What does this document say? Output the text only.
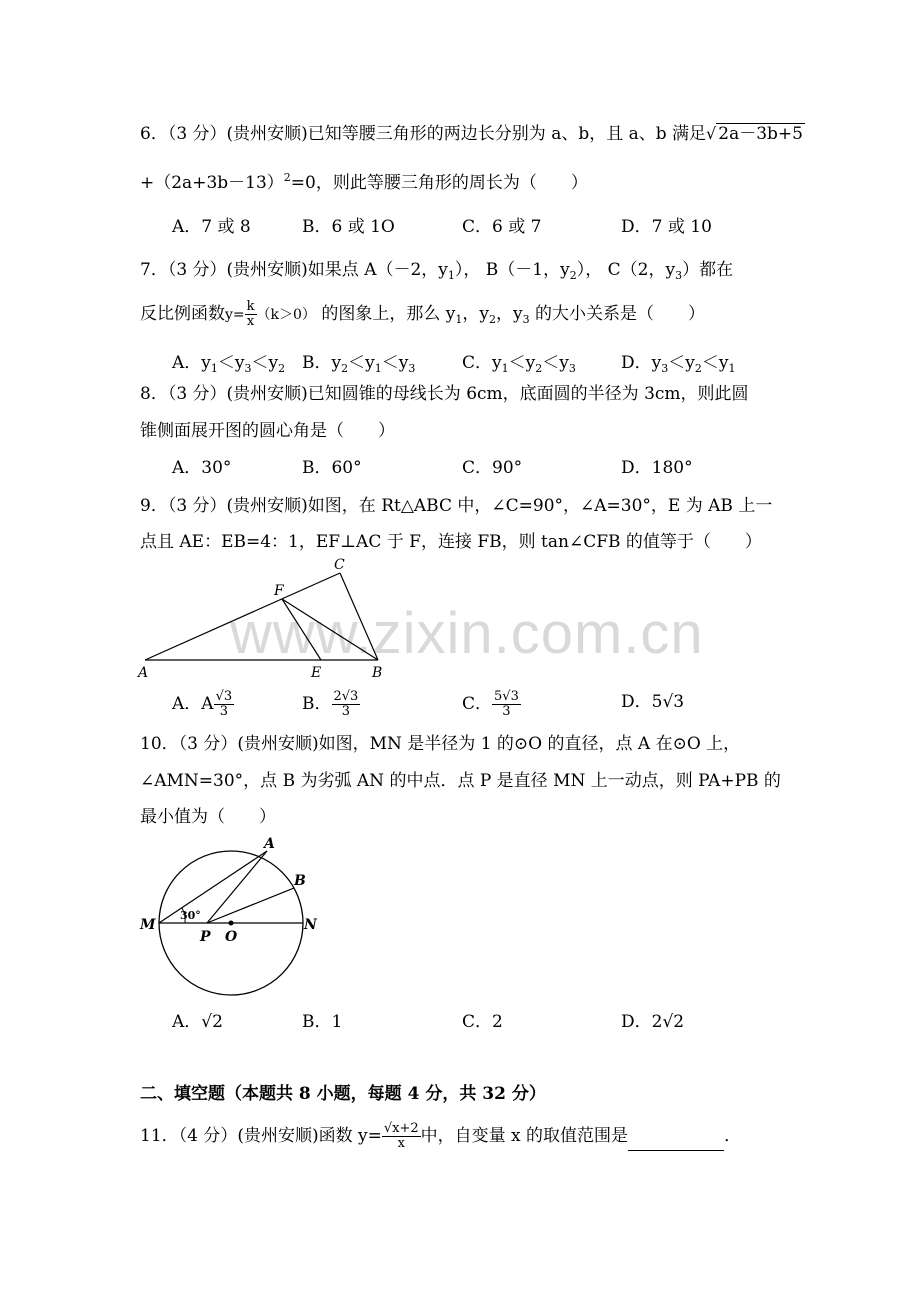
www.zixin.com.cn
6．（3 分）(贵州安顺)已知等腰三角形的两边长分别为 a、b，且 a、b 满足√ 2a－3b+5
$+(2a+3b-13)^2=0$，则此等腰三角形的周长为（　　）
A．7 或 8	B．6 或 1O	C．6 或 7	D．7 或 10
7．（3 分）(贵州安顺)如果点 A（－2，$y_1$）， B（－1，$y_2$）， C（2，$y_3$）都在
反比例函数$y= \frac{k}{x} (k>0)$ 的图象上，那么 $y_1$，$y_2$，$y_3$ 的大小关系是（　　）
A．$y_1<y_3<y_2$ B．$y_2<y_1<y_3$	C．$y_1<y_2<y_3$	D．$y_3<y_2<y_1$
8．（3 分）(贵州安顺)已知圆锥的母线长为 6cm，底面圆的半径为 3cm，则此圆
锥侧面展开图的圆心角是（　　）
A．30°	B．60°	C．90°	D．180°
9．（3 分）(贵州安顺)如图，在 Rt△ABC 中，∠C=90°，∠A=30°，E 为 AB 上一
点且 AE：EB=4：1，EF⊥AC 于 F，连接 FB，则 tan∠CFB 的值等于（　　）
A	B
C
E
F
A．A $\frac{√3}{3}$	B． $\frac{2√3}{3}$	C． $\frac{5√3}{3}$	D．5√3
10．（3 分）(贵州安顺)如图，MN 是半径为 1 的⊙O 的直径，点 A 在⊙O 上，
∠AMN=30°，点 B 为劣弧 AN 的中点．点 P 是直径 MN 上一动点，则 PA+PB 的
最小值为（　　）
M	N
A
B
P O
30°
A．√2	B．1	C．2	D．2√2
二、填空题（本题共 8 小题，每题 4 分，共 32 分）
11．（4 分）(贵州安顺)函数 $y= \frac{√x+2}{x}$ 中，自变量 x 的取值范围是	．
